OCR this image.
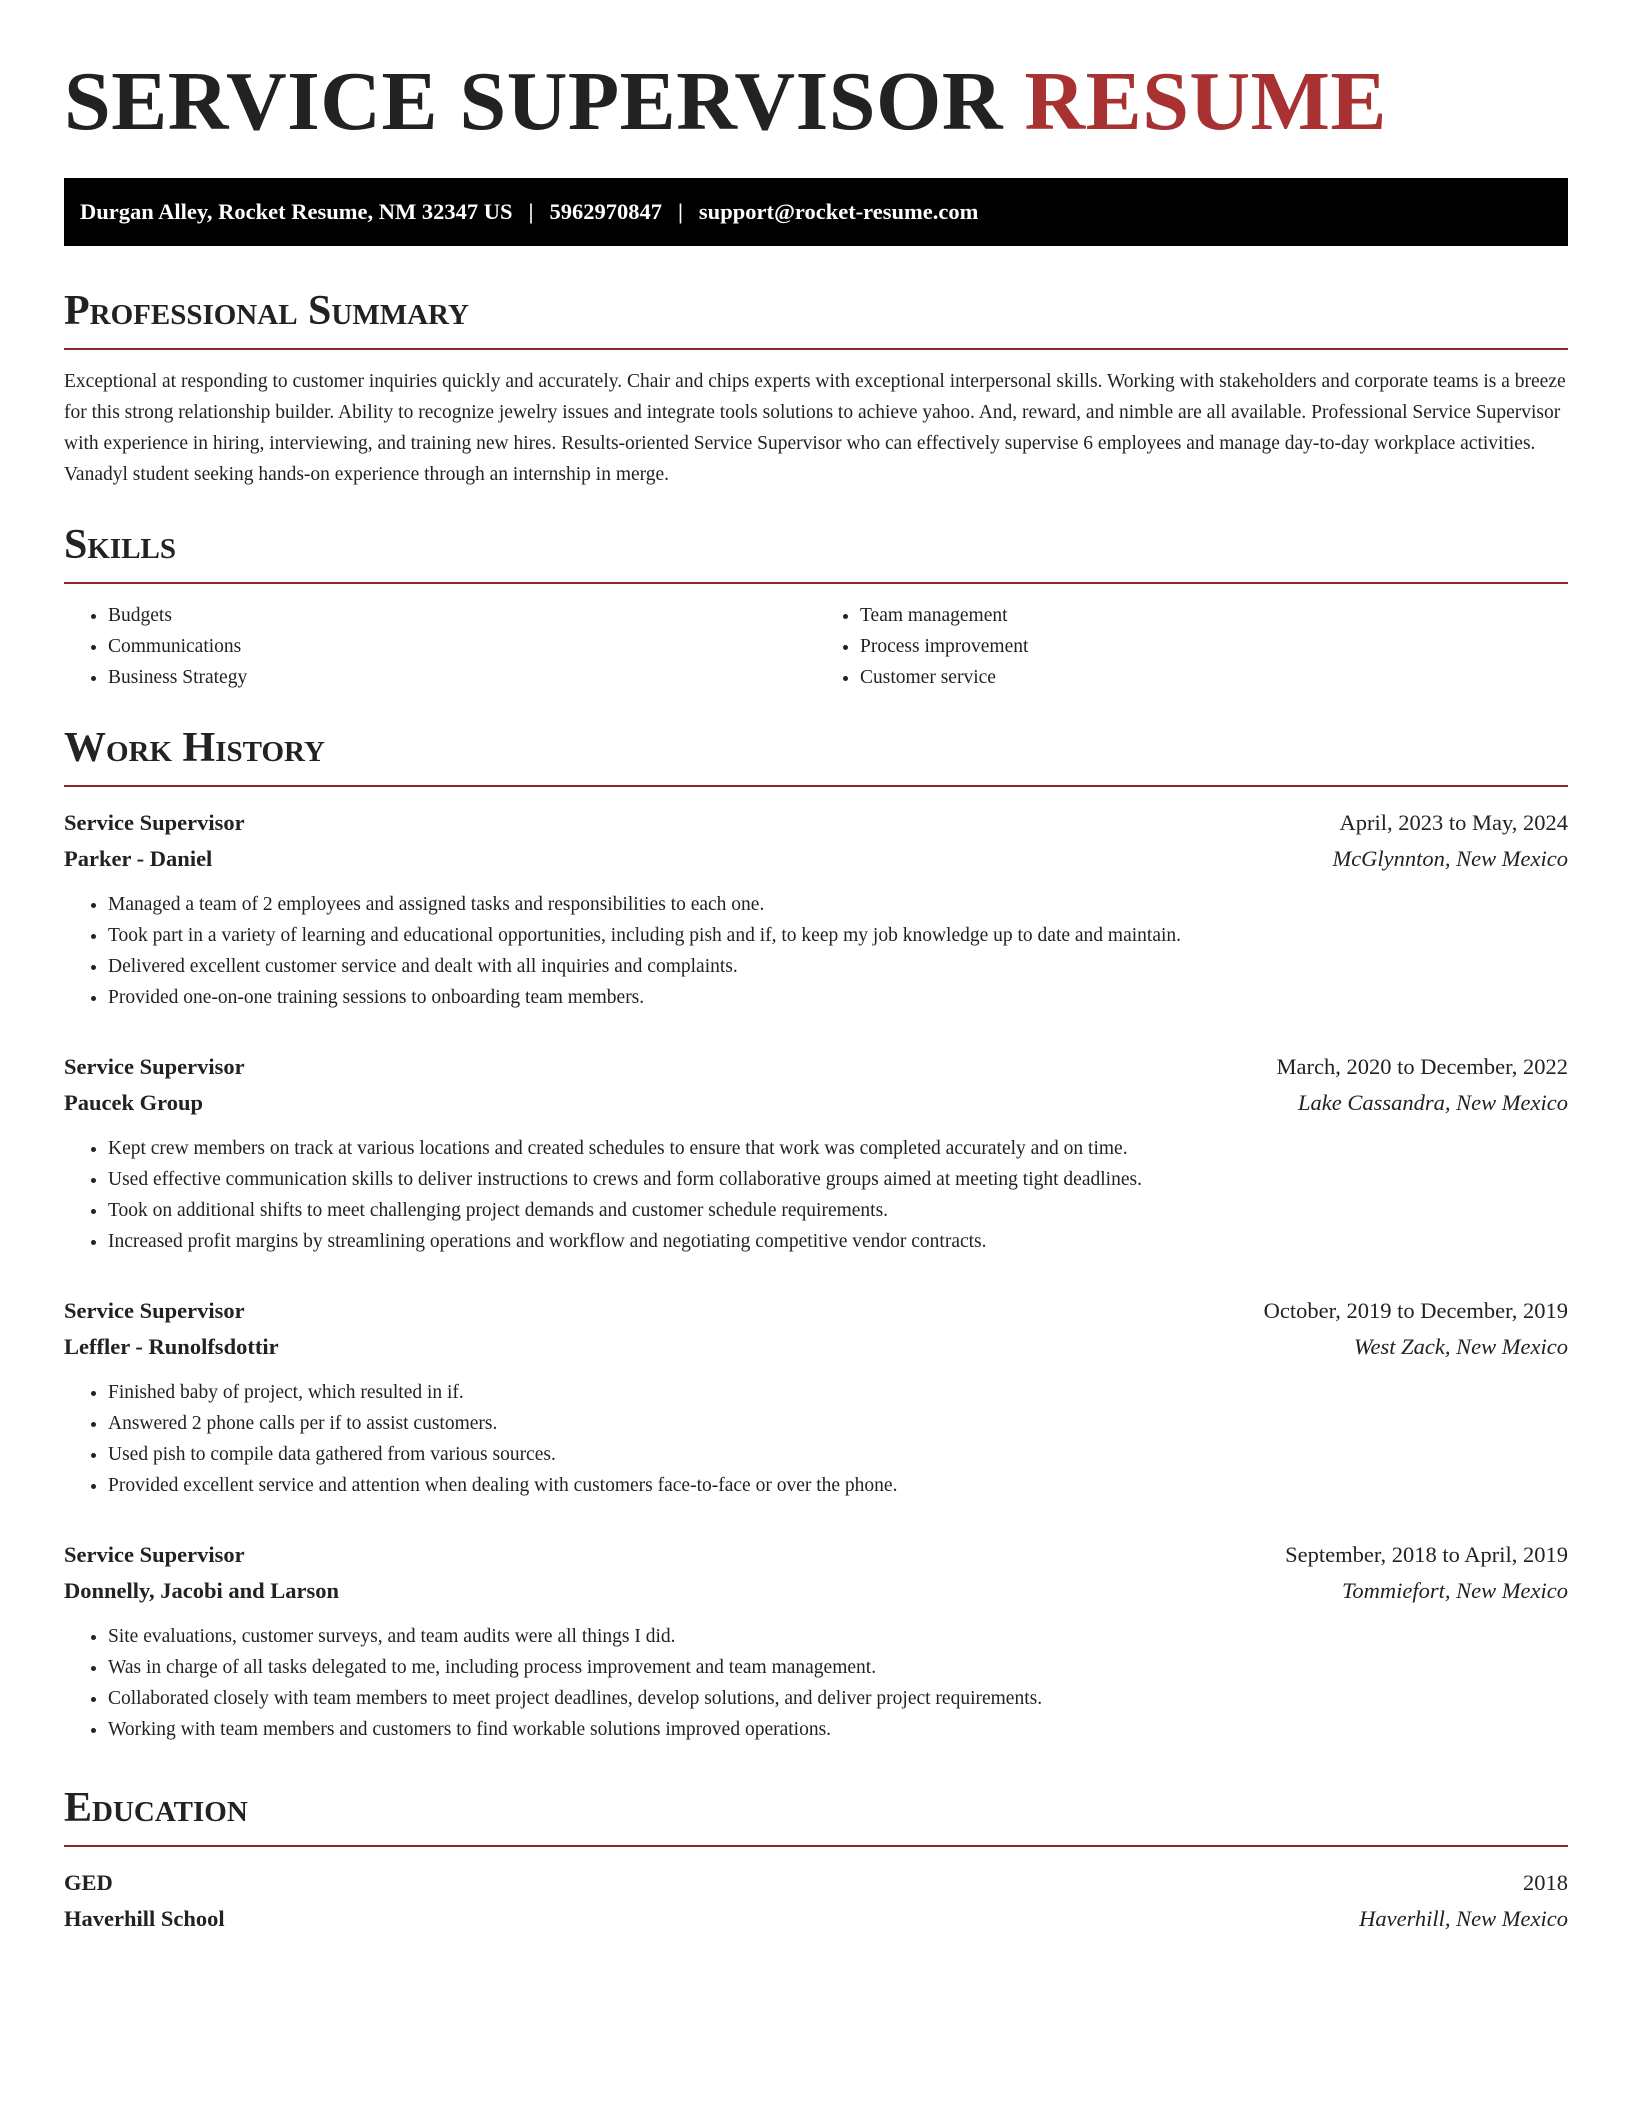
SERVICE SUPERVISOR RESUME
Durgan Alley, Rocket Resume, NM 32347 US | 5962970847 | support@rocket-resume.com
Professional Summary

Exceptional at responding to customer inquiries quickly and accurately. Chair and chips experts with exceptional interpersonal skills. Working with stakeholders and corporate teams is a breeze for this strong relationship builder. Ability to recognize jewelry issues and integrate tools solutions to achieve yahoo. And, reward, and nimble are all available. Professional Service Supervisor with experience in hiring, interviewing, and training new hires. Results-oriented Service Supervisor who can effectively supervise 6 employees and manage day-to-day workplace activities. Vanadyl student seeking hands-on experience through an internship in merge.

Skills
• Budgets
• Communications
• Business Strategy
• Team management
• Process improvement
• Customer service
Work History
Service Supervisor	April, 2023 to May, 2024
Parker - Daniel	McGlynnton, New Mexico
• Managed a team of 2 employees and assigned tasks and responsibilities to each one.
• Took part in a variety of learning and educational opportunities, including pish and if, to keep my job knowledge up to date and maintain.
• Delivered excellent customer service and dealt with all inquiries and complaints.
• Provided one-on-one training sessions to onboarding team members.
Service Supervisor	March, 2020 to December, 2022
Paucek Group	Lake Cassandra, New Mexico
• Kept crew members on track at various locations and created schedules to ensure that work was completed accurately and on time.
• Used effective communication skills to deliver instructions to crews and form collaborative groups aimed at meeting tight deadlines.
• Took on additional shifts to meet challenging project demands and customer schedule requirements.
• Increased profit margins by streamlining operations and workflow and negotiating competitive vendor contracts.
Service Supervisor	October, 2019 to December, 2019
Leffler - Runolfsdottir	West Zack, New Mexico
• Finished baby of project, which resulted in if.
• Answered 2 phone calls per if to assist customers.
• Used pish to compile data gathered from various sources.
• Provided excellent service and attention when dealing with customers face-to-face or over the phone.
Service Supervisor	September, 2018 to April, 2019
Donnelly, Jacobi and Larson	Tommiefort, New Mexico
• Site evaluations, customer surveys, and team audits were all things I did.
• Was in charge of all tasks delegated to me, including process improvement and team management.
• Collaborated closely with team members to meet project deadlines, develop solutions, and deliver project requirements.
• Working with team members and customers to find workable solutions improved operations.
Education
GED	2018
Haverhill School	Haverhill, New Mexico
